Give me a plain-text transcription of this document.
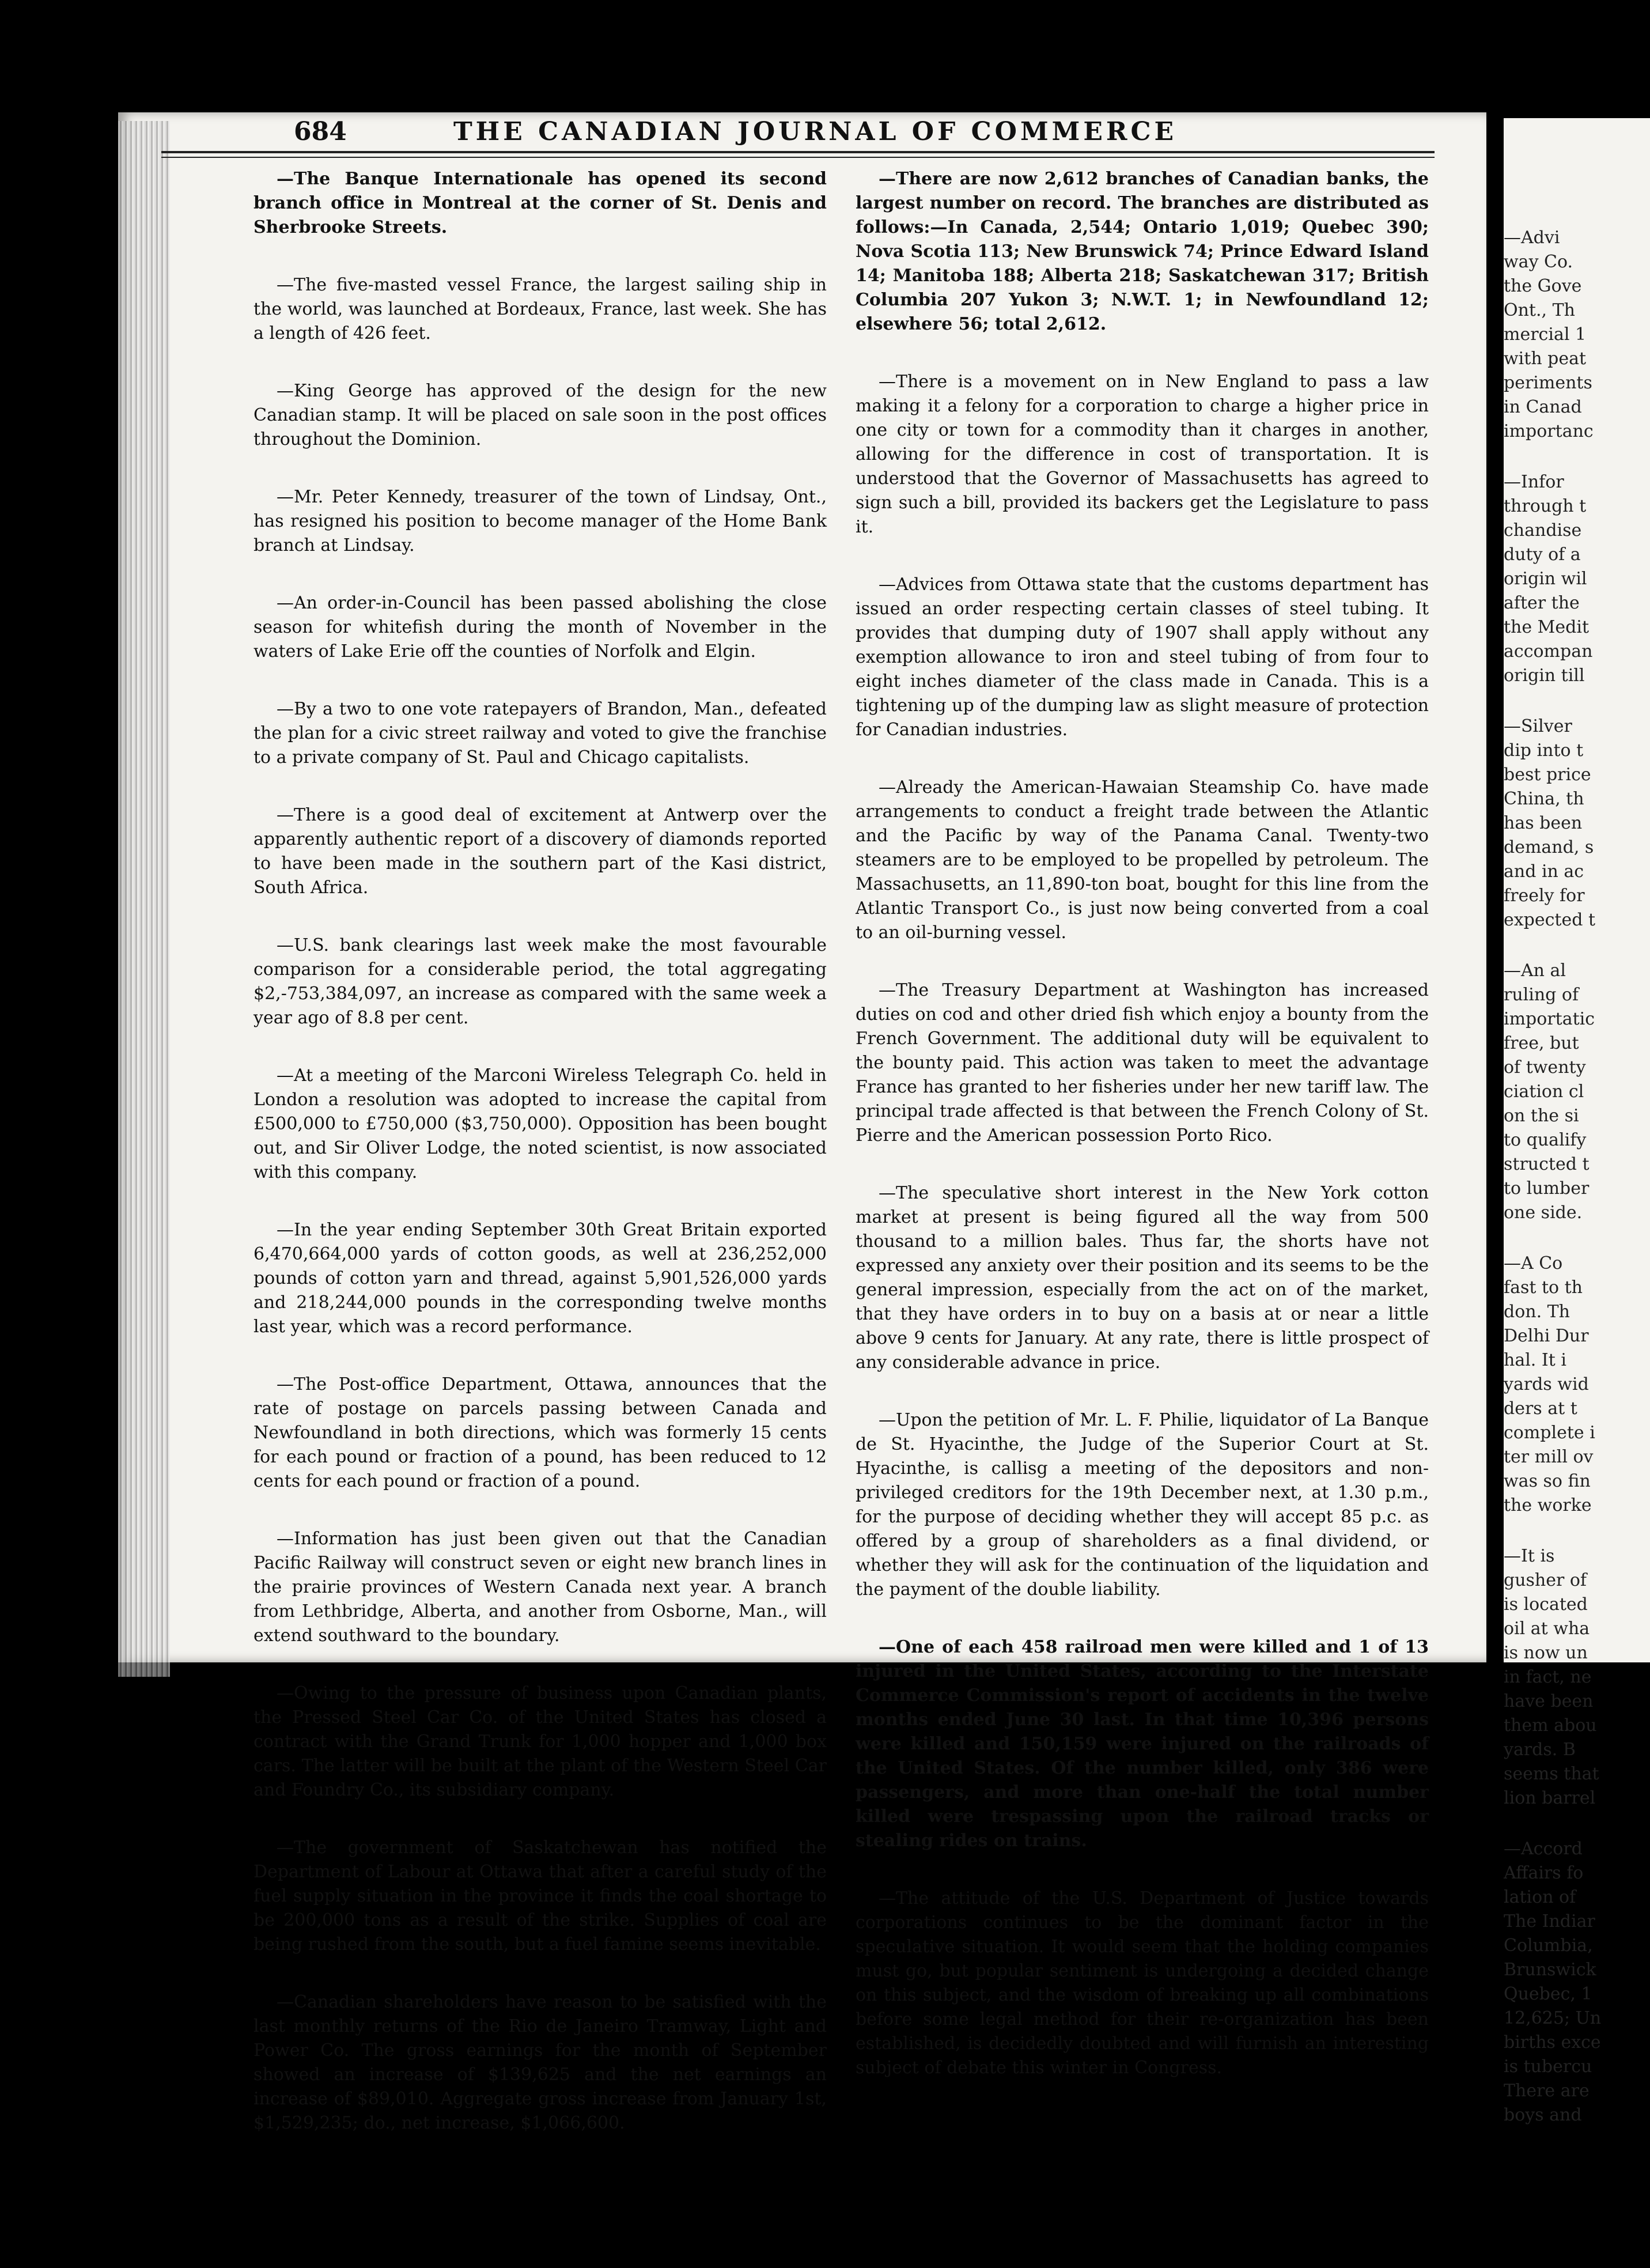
684	THE CANADIAN JOURNAL OF COMMERCE

—The Banque Internationale has opened its second branch office in Montreal at the corner of St. Denis and Sherbrooke Streets.

—The five-masted vessel France, the largest sailing ship in the world, was launched at Bordeaux, France, last week. She has a length of 426 feet.

—King George has approved of the design for the new Canadian stamp. It will be placed on sale soon in the post offices throughout the Dominion.

—Mr. Peter Kennedy, treasurer of the town of Lindsay, Ont., has resigned his position to become manager of the Home Bank branch at Lindsay.

—An order-in-Council has been passed abolishing the close season for whitefish during the month of November in the waters of Lake Erie off the counties of Norfolk and Elgin.

—By a two to one vote ratepayers of Brandon, Man., defeated the plan for a civic street railway and voted to give the franchise to a private company of St. Paul and Chicago capitalists.

—There is a good deal of excitement at Antwerp over the apparently authentic report of a discovery of diamonds reported to have been made in the southern part of the Kasi district, South Africa.

—U.S. bank clearings last week make the most favourable comparison for a considerable period, the total aggregating $2,-753,384,097, an increase as compared with the same week a year ago of 8.8 per cent.

—At a meeting of the Marconi Wireless Telegraph Co. held in London a resolution was adopted to increase the capital from £500,000 to £750,000 ($3,750,000). Opposition has been bought out, and Sir Oliver Lodge, the noted scientist, is now associated with this company.

—In the year ending September 30th Great Britain exported 6,470,664,000 yards of cotton goods, as well at 236,252,000 pounds of cotton yarn and thread, against 5,901,526,000 yards and 218,244,000 pounds in the corresponding twelve months last year, which was a record performance.

—The Post-office Department, Ottawa, announces that the rate of postage on parcels passing between Canada and Newfoundland in both directions, which was formerly 15 cents for each pound or fraction of a pound, has been reduced to 12 cents for each pound or fraction of a pound.

—Information has just been given out that the Canadian Pacific Railway will construct seven or eight new branch lines in the prairie provinces of Western Canada next year. A branch from Lethbridge, Alberta, and another from Osborne, Man., will extend southward to the boundary.

—Owing to the pressure of business upon Canadian plants, the Pressed Steel Car Co. of the United States has closed a contract with the Grand Trunk for 1,000 hopper and 1,000 box cars. The latter will be built at the plant of the Western Steel Car and Foundry Co., its subsidiary company.

—The government of Saskatchewan has notified the Department of Labour at Ottawa that after a careful study of the fuel supply situation in the province it finds the coal shortage to be 200,000 tons as a result of the strike. Supplies of coal are being rushed from the south, but a fuel famine seems inevitable.

—Canadian shareholders have reason to be satisfied with the last monthly returns of the Rio de Janeiro Tramway, Light and Power Co. The gross earnings for the month of September showed an increase of $139,625 and the net earnings an increase of $89,010. Aggregate gross increase from January 1st, $1,529,235; do., net increase, $1,066,600.

—There are now 2,612 branches of Canadian banks, the largest number on record. The branches are distributed as follows:—In Canada, 2,544; Ontario 1,019; Quebec 390; Nova Scotia 113; New Brunswick 74; Prince Edward Island 14; Manitoba 188; Alberta 218; Saskatchewan 317; British Columbia 207 Yukon 3; N.W.T. 1; in Newfoundland 12; elsewhere 56; total 2,612.

—There is a movement on in New England to pass a law making it a felony for a corporation to charge a higher price in one city or town for a commodity than it charges in another, allowing for the difference in cost of transportation. It is understood that the Governor of Massachusetts has agreed to sign such a bill, provided its backers get the Legislature to pass it.

—Advices from Ottawa state that the customs department has issued an order respecting certain classes of steel tubing. It provides that dumping duty of 1907 shall apply without any exemption allowance to iron and steel tubing of from four to eight inches diameter of the class made in Canada. This is a tightening up of the dumping law as slight measure of protection for Canadian industries.

—Already the American-Hawaian Steamship Co. have made arrangements to conduct a freight trade between the Atlantic and the Pacific by way of the Panama Canal. Twenty-two steamers are to be employed to be propelled by petroleum. The Massachusetts, an 11,890-ton boat, bought for this line from the Atlantic Transport Co., is just now being converted from a coal to an oil-burning vessel.

—The Treasury Department at Washington has increased duties on cod and other dried fish which enjoy a bounty from the French Government. The additional duty will be equivalent to the bounty paid. This action was taken to meet the advantage France has granted to her fisheries under her new tariff law. The principal trade affected is that between the French Colony of St. Pierre and the American possession Porto Rico.

—The speculative short interest in the New York cotton market at present is being figured all the way from 500 thousand to a million bales. Thus far, the shorts have not expressed any anxiety over their position and its seems to be the general impression, especially from the act on of the market, that they have orders in to buy on a basis at or near a little above 9 cents for January. At any rate, there is little prospect of any considerable advance in price.

—Upon the petition of Mr. L. F. Philie, liquidator of La Banque de St. Hyacinthe, the Judge of the Superior Court at St. Hyacinthe, is callisg a meeting of the depositors and non-privileged creditors for the 19th December next, at 1.30 p.m., for the purpose of deciding whether they will accept 85 p.c. as offered by a group of shareholders as a final dividend, or whether they will ask for the continuation of the liquidation and the payment of the double liability.

—One of each 458 railroad men were killed and 1 of 13 injured in the United States, according to the Interstate Commerce Commission's report of accidents in the twelve months ended June 30 last. In that time 10,396 persons were killed and 150,159 were injured on the railroads of the United States. Of the number killed, only 386 were passengers, and more than one-half the total number killed were trespassing upon the railroad tracks or stealing rides on trains.

—The attitude of the U.S. Department of Justice towards corporations continues to be the dominant factor in the speculative situation. It would seem that the holding companies must go, but popular sentiment is undergoing a decided change on this subject, and the wisdom of breaking up all combinations before some legal method for their re-organization has been established, is decidedly doubted and will furnish an interesting subject of debate this winter in Congress.

—Advi
way Co.
the Gove
Ont., Th
mercial 1
with peat
periments
in Canad
importanc
—Infor
through t
chandise
duty of a
origin wil
after the
the Medit
accompan
origin till
—Silver
dip into t
best price
China, th
has been
demand, s
and in ac
freely for
expected t
—An al
ruling of
importatic
free, but
of twenty
ciation cl
on the si
to qualify
structed t
to lumber
one side.
—A Co
fast to th
don. Th
Delhi Dur
hal. It i
yards wid
ders at t
complete i
ter mill ov
was so fin
the worke
—It is
gusher of
is located
oil at wha
is now un
in fact, ne
have been
them abou
yards. B
seems that
lion barrel
—Accord
Affairs fo
lation of
The Indiar
Columbia,
Brunswick
Quebec, 1
12,625; Un
births exce
is tubercu
There are
boys and
